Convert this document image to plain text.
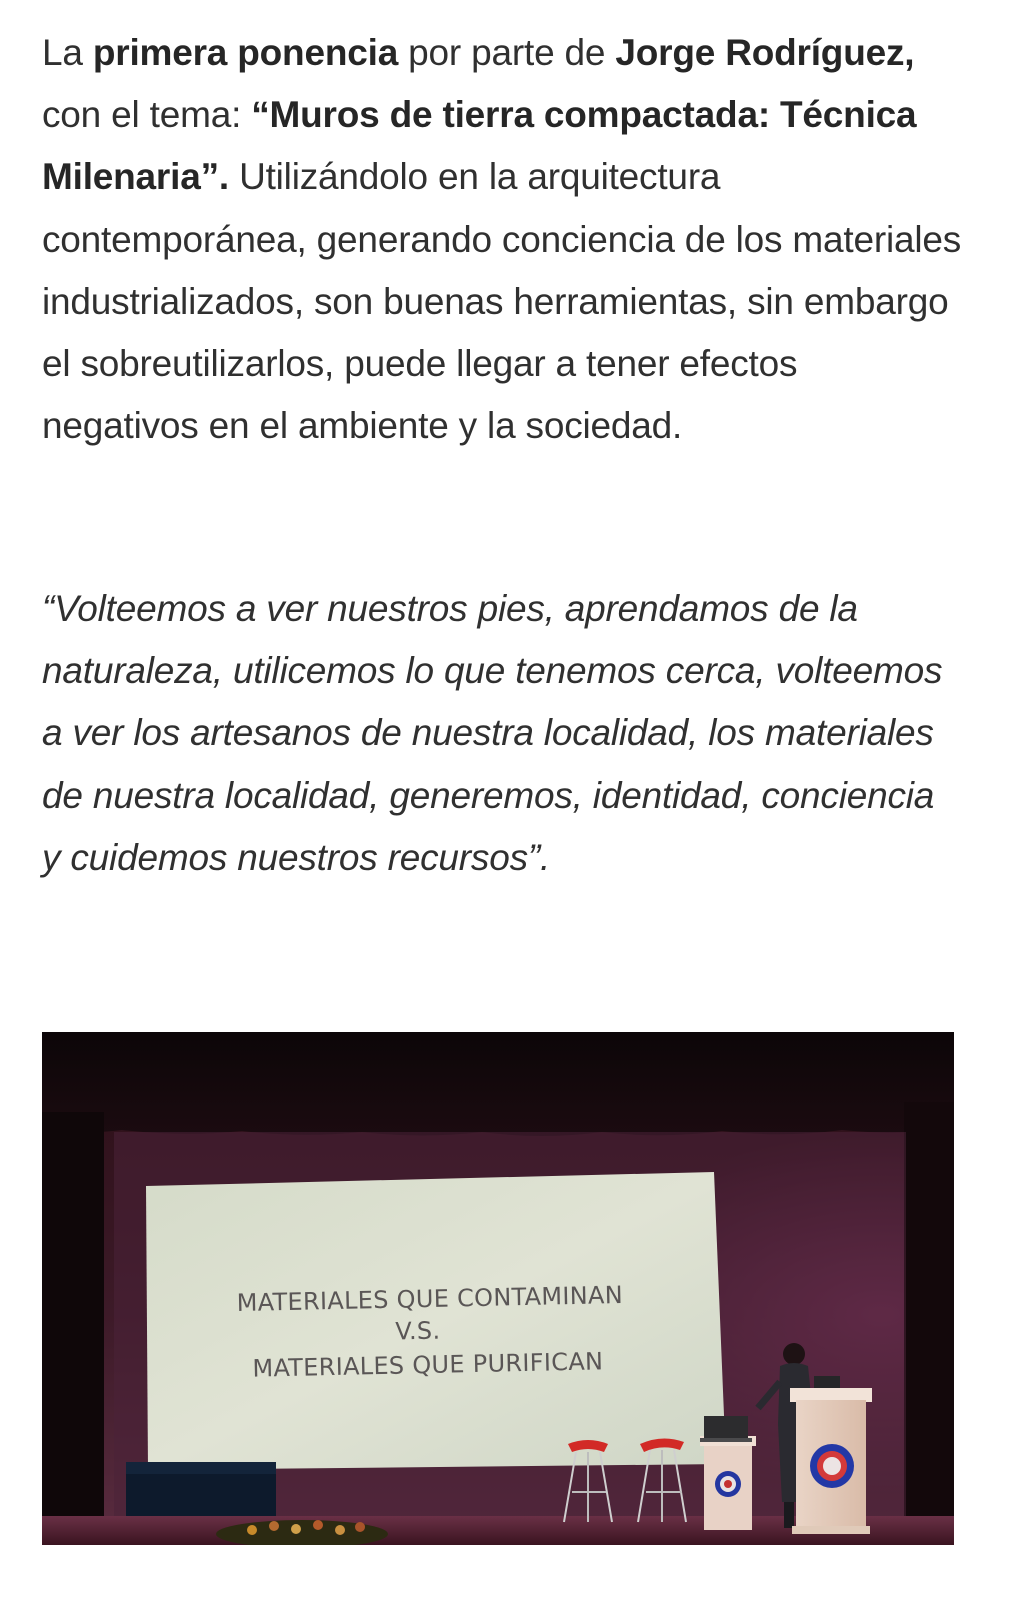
La primera ponencia por parte de Jorge Rodríguez, con el tema: “Muros de tierra compactada: Técnica Milenaria”. Utilizándolo en la arquitectura contemporánea, generando conciencia de los materiales industrializados, son buenas herramientas, sin embargo el sobreutilizarlos, puede llegar a tener efectos negativos en el ambiente y la sociedad.

“Volteemos a ver nuestros pies, aprendamos de la naturaleza, utilicemos lo que tenemos cerca, volteemos a ver los artesanos de nuestra localidad, los materiales de nuestra localidad, generemos, identidad, conciencia y cuidemos nuestros recursos”.

MATERIALES QUE CONTAMINAN
V.S.
MATERIALES QUE PURIFICAN
